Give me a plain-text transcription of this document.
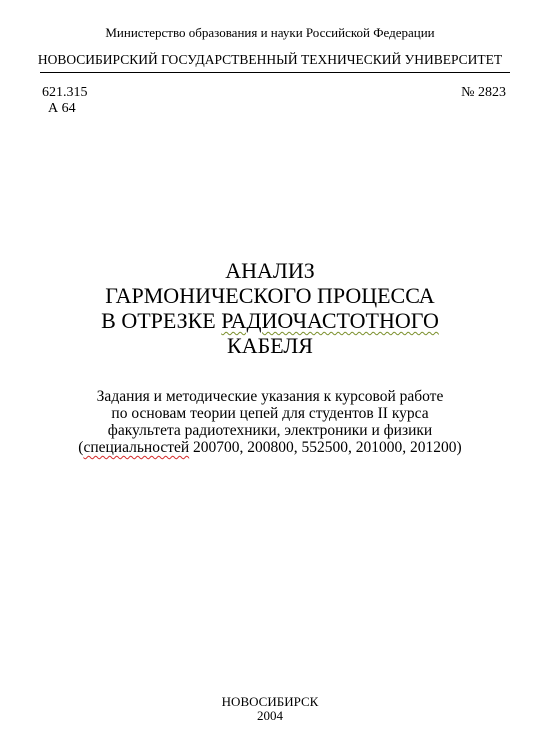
Министерство образования и науки Российской Федерации
НОВОСИБИРСКИЙ ГОСУДАРСТВЕННЫЙ ТЕХНИЧЕСКИЙ УНИВЕРСИТЕТ
621.315
А 64
№ 2823
АНАЛИЗ
ГАРМОНИЧЕСКОГО ПРОЦЕССА
В ОТРЕЗКЕ РАДИОЧАСТОТНОГО
КАБЕЛЯ
Задания и методические указания к курсовой работе
по основам теории цепей для студентов II курса
факультета радиотехники, электроники и физики
(специальностей 200700, 200800, 552500, 201000, 201200)
НОВОСИБИРСК
2004
